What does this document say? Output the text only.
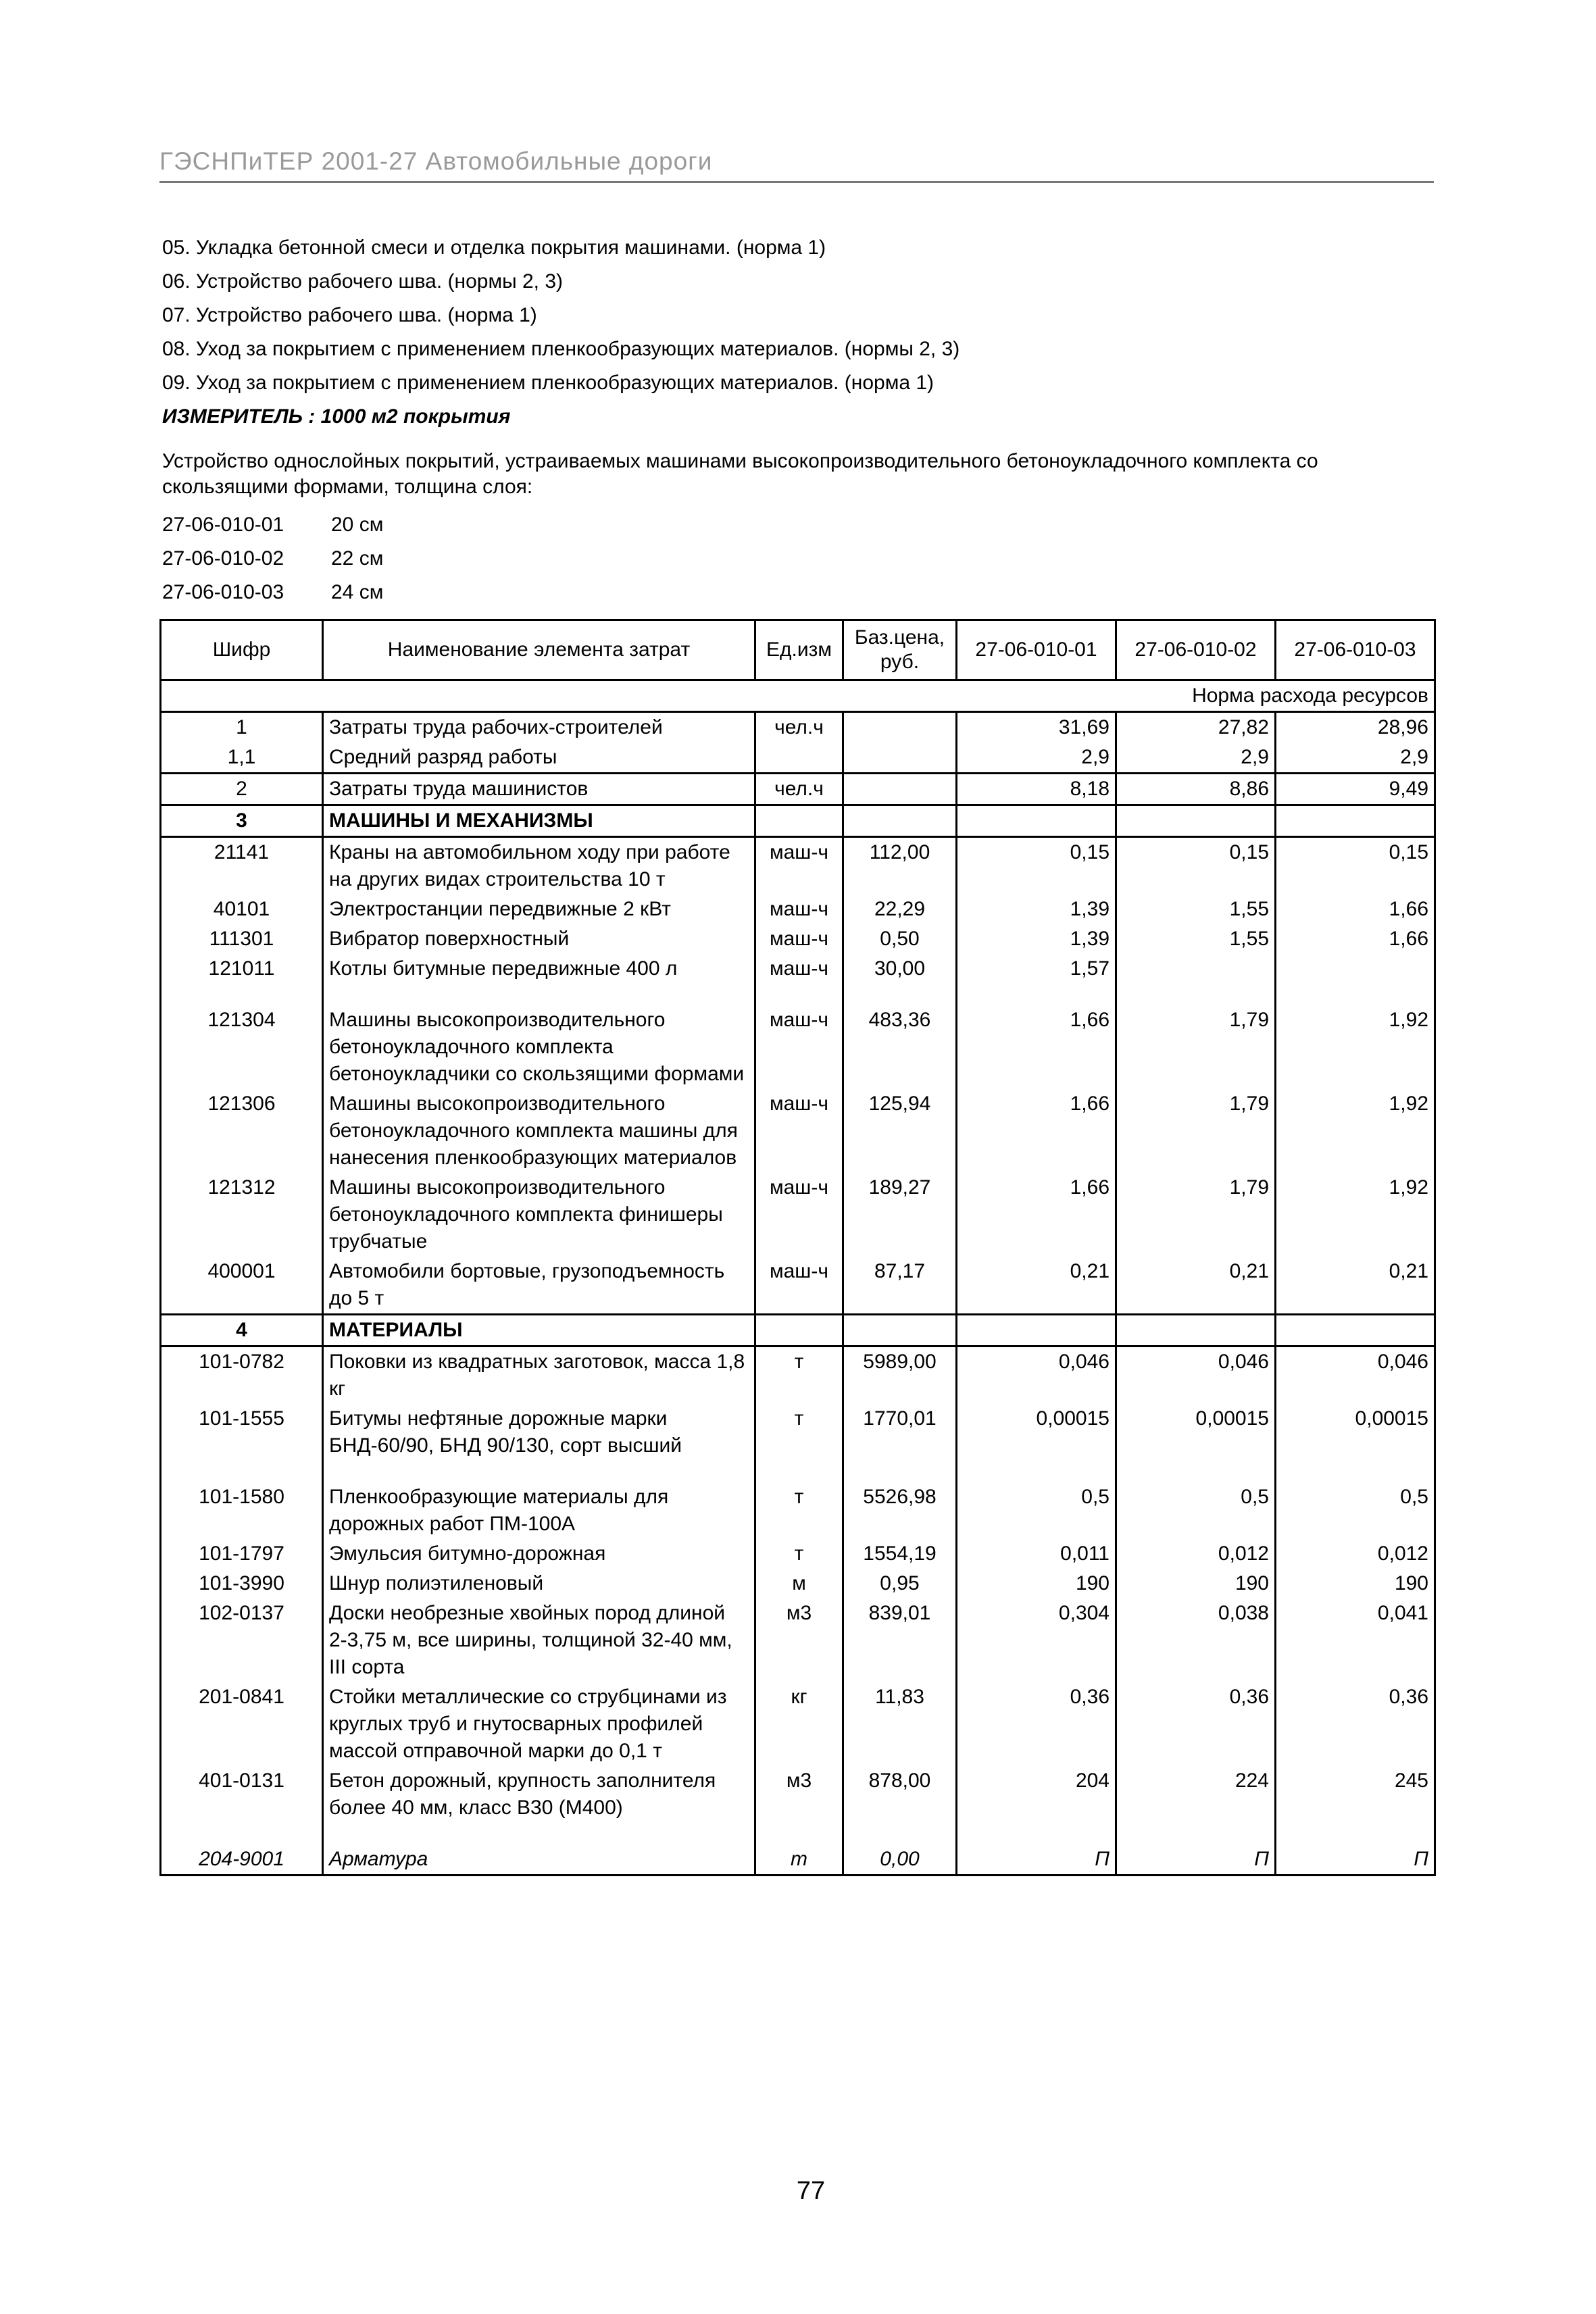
ГЭСНПиТЕР 2001-27 Автомобильные дороги
05. Укладка бетонной смеси и отделка покрытия машинами. (норма 1)
06. Устройство рабочего шва. (нормы 2, 3)
07. Устройство рабочего шва. (норма 1)
08. Уход за покрытием с применением пленкообразующих материалов. (нормы 2, 3)
09. Уход за покрытием с применением пленкообразующих материалов. (норма 1)
ИЗМЕРИТЕЛЬ : 1000 м2 покрытия
Устройство однослойных покрытий, устраиваемых машинами высокопроизводительного бетоноукладочного комплекта со скользящими формами, толщина слоя:
27-06-010-01	20 см
27-06-010-02	22 см
27-06-010-03	24 см
Шифр	Наименование элемента затрат	Ед.изм	Баз.цена, руб.	27-06-010-01	27-06-010-02	27-06-010-03
Норма расхода ресурсов						
1	Затраты труда рабочих-строителей	чел.ч		31,69	27,82	28,96
1,1	Средний разряд работы			2,9	2,9	2,9
2	Затраты труда машинистов	чел.ч		8,18	8,86	9,49
3	МАШИНЫ И МЕХАНИЗМЫ					
21141	Краны на автомобильном ходу при работе на других видах строительства 10 т	маш-ч	112,00	0,15	0,15	0,15
40101	Электростанции передвижные 2 кВт	маш-ч	22,29	1,39	1,55	1,66
111301	Вибратор поверхностный	маш-ч	0,50	1,39	1,55	1,66
121011	Котлы битумные передвижные 400 л	маш-ч	30,00	1,57		
121304	Машины высокопроизводительного бетоноукладочного комплекта бетоноукладчики со скользящими формами	маш-ч	483,36	1,66	1,79	1,92
121306	Машины высокопроизводительного бетоноукладочного комплекта машины для нанесения пленкообразующих материалов	маш-ч	125,94	1,66	1,79	1,92
121312	Машины высокопроизводительного бетоноукладочного комплекта финишеры трубчатые	маш-ч	189,27	1,66	1,79	1,92
400001	Автомобили бортовые, грузоподъемность до 5 т	маш-ч	87,17	0,21	0,21	0,21
4	МАТЕРИАЛЫ					
101-0782	Поковки из квадратных заготовок, масса 1,8 кг	т	5989,00	0,046	0,046	0,046
101-1555	Битумы нефтяные дорожные марки БНД-60/90, БНД 90/130, сорт высший	т	1770,01	0,00015	0,00015	0,00015
101-1580	Пленкообразующие материалы для дорожных работ ПМ-100А	т	5526,98	0,5	0,5	0,5
101-1797	Эмульсия битумно-дорожная	т	1554,19	0,011	0,012	0,012
101-3990	Шнур полиэтиленовый	м	0,95	190	190	190
102-0137	Доски необрезные хвойных пород длиной 2-3,75 м, все ширины, толщиной 32-40 мм, III сорта	м3	839,01	0,304	0,038	0,041
201-0841	Стойки металлические со струбцинами из круглых труб и гнутосварных профилей массой отправочной марки до 0,1 т	кг	11,83	0,36	0,36	0,36
401-0131	Бетон дорожный, крупность заполнителя более 40 мм, класс В30 (М400)	м3	878,00	204	224	245
204-9001	Арматура	т	0,00	П	П	П
77
